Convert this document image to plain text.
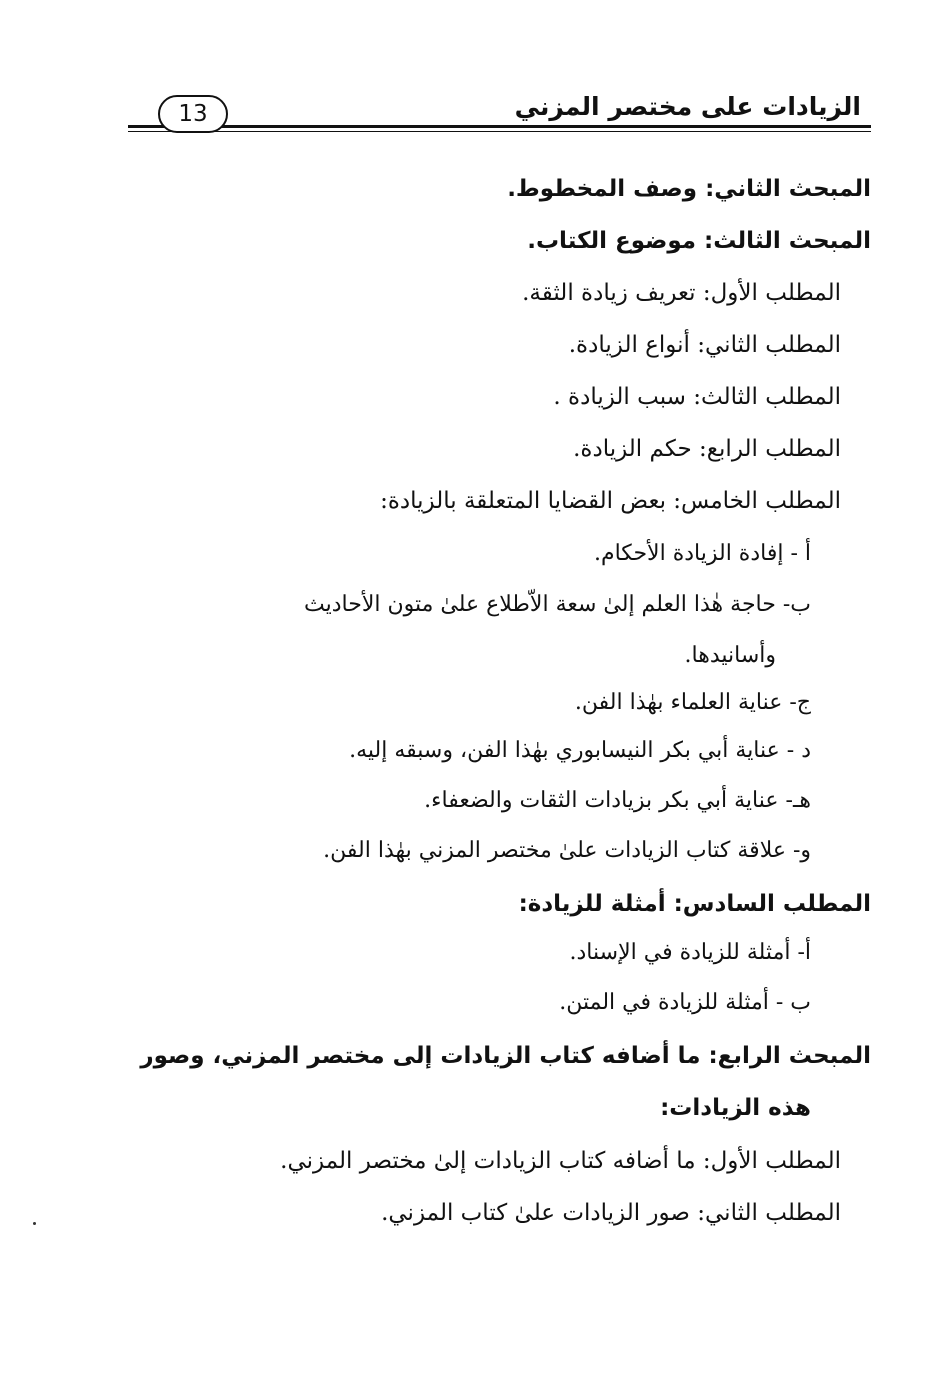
الزيادات على مختصر المزني
13
المبحث الثاني: وصف المخطوط.
المبحث الثالث: موضوع الكتاب.
المطلب الأول: تعريف زيادة الثقة.
المطلب الثاني: أنواع الزيادة.
المطلب الثالث: سبب الزيادة .
المطلب الرابع: حكم الزيادة.
المطلب الخامس: بعض القضايا المتعلقة بالزيادة:
أ - إفادة الزيادة الأحكام.
ب- حاجة هٰذا العلم إلىٰ سعة الاّطلاع علىٰ متون الأحاديث
وأسانيدها.
ج- عناية العلماء بهٰذا الفن.
د - عناية أبي بكر النيسابوري بهٰذا الفن، وسبقه إليه.
هـ- عناية أبي بكر بزيادات الثقات والضعفاء.
و- علاقة كتاب الزيادات علىٰ مختصر المزني بهٰذا الفن.
المطلب السادس: أمثلة للزيادة:
أ- أمثلة للزيادة في الإسناد.
ب - أمثلة للزيادة في المتن.
المبحث الرابع: ما أضافه كتاب الزيادات إلى مختصر المزني، وصور
هذه الزيادات:
المطلب الأول: ما أضافه كتاب الزيادات إلىٰ مختصر المزني.
المطلب الثاني: صور الزيادات علىٰ كتاب المزني.
